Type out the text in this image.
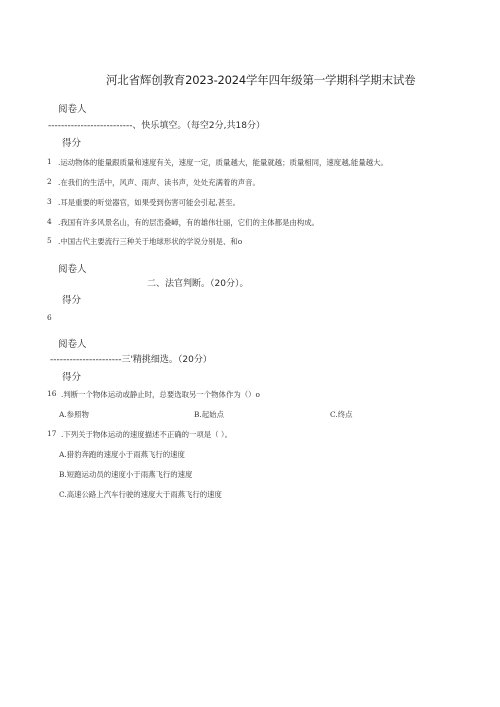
河北省辉创教育2023-2024学年四年级第一学期科学期末试卷
阅卷人
--------------------------、快乐填空。（每空2分,共18分）
得分
1 .运动物体的能量跟质量和速度有关，速度一定，质量越大，能量就越；质量相同，速度越,能量越大。
2 .在我们的生活中，风声、雨声、读书声，处处充满着的声音。
3 .耳是重要的听觉器官，如果受到伤害可能会引起,甚至。
4 .我国有许多风景名山，有的层峦叠嶂，有的雄伟壮丽，它们的主体都是由构成。
5 .中国古代主要流行三种关于地球形状的学说分别是、和o
阅卷人
二、法官判断。（20分）。
得分
6
阅卷人
----------------------三'精挑细选。（20分）
得分
16 .判断一个物体运动或静止时，总要选取另一个物体作为（）o
A.参照物	B.起始点	C.终点
17 .下列关于物体运动的速度描述不正确的一项是（ ）。
A.猎豹奔跑的速度小于雨燕飞行的速度
B.短跑运动员的速度小于雨燕飞行的速度
C.高速公路上汽车行驶的速度大于雨燕飞行的速度
